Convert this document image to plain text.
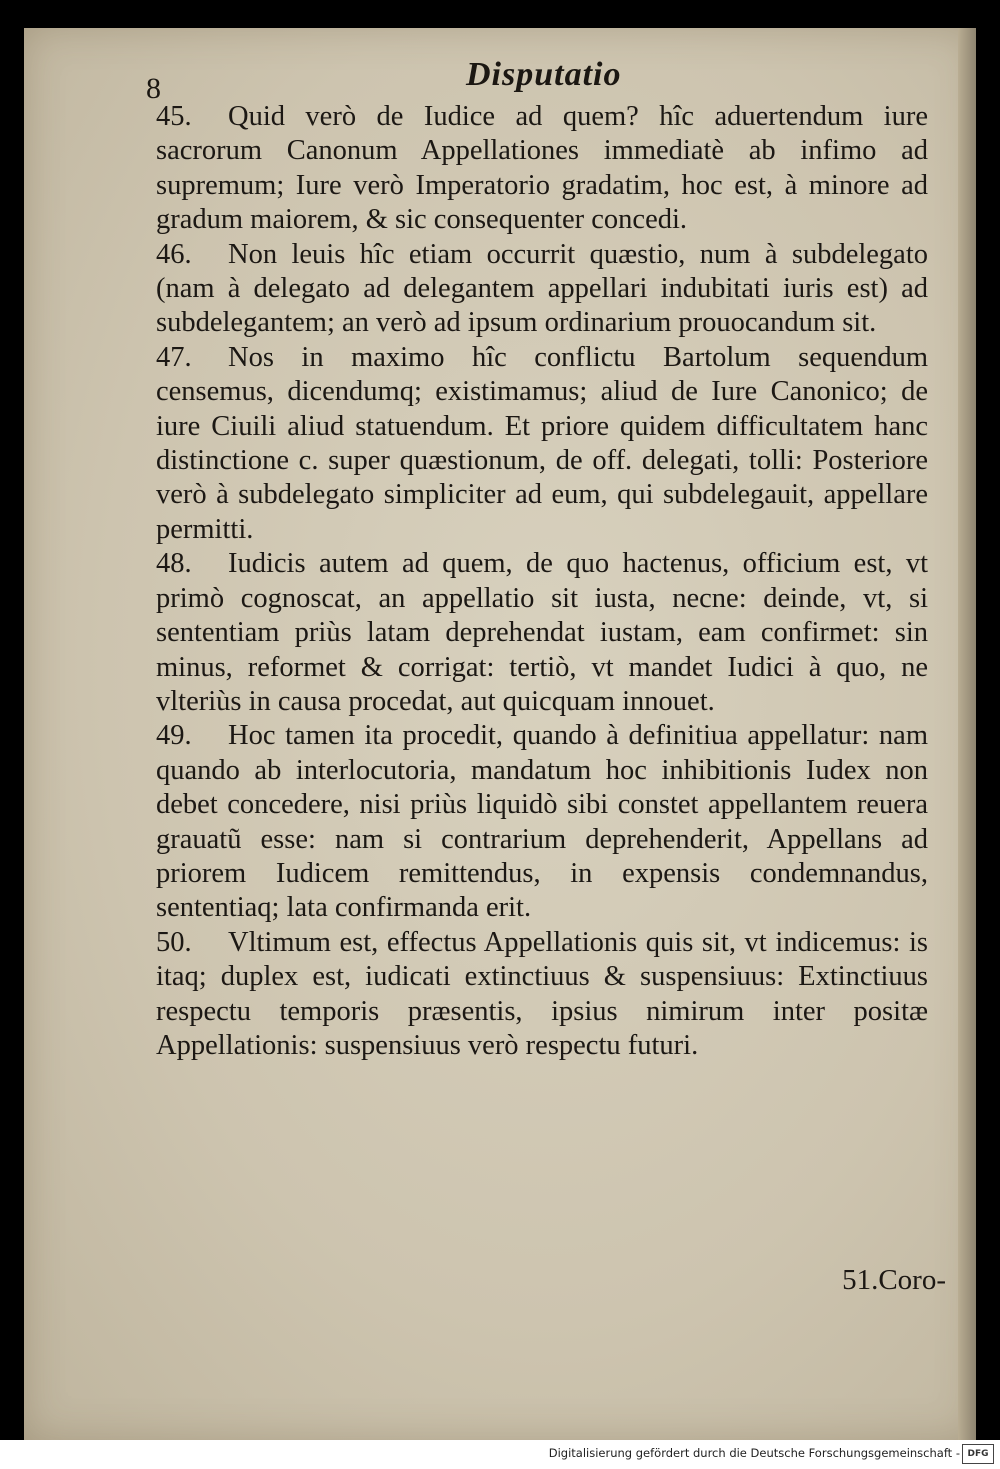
8	Disputatio

45. Quid verò de Iudice ad quem? hîc aduertendum iure sacrorum Canonum Appellationes immediatè ab infimo ad supremum; Iure verò Imperatorio gradatim, hoc est, à minore ad gradum maiorem, & sic consequenter concedi.

46. Non leuis hîc etiam occurrit quæstio, num à subdelegato (nam à delegato ad delegantem appellari indubitati iuris est) ad subdelegantem; an verò ad ipsum ordinarium prouocandum sit.

47. Nos in maximo hîc conflictu Bartolum sequendum censemus, dicendumq; existimamus; aliud de Iure Canonico; de iure Ciuili aliud statuendum. Et priore quidem difficultatem hanc distinctione c. super quæstionum, de off. delegati, tolli: Posteriore verò à subdelegato simpliciter ad eum, qui subdelegauit, appellare permitti.

48. Iudicis autem ad quem, de quo hactenus, officium est, vt primò cognoscat, an appellatio sit iusta, necne: deinde, vt, si sententiam priùs latam deprehendat iustam, eam confirmet: sin minus, reformet & corrigat: tertiò, vt mandet Iudici à quo, ne vlteriùs in causa procedat, aut quicquam innouet.

49. Hoc tamen ita procedit, quando à definitiua appellatur: nam quando ab interlocutoria, mandatum hoc inhibitionis Iudex non debet concedere, nisi priùs liquidò sibi constet appellantem reuera grauatũ esse: nam si contrarium deprehenderit, Appellans ad priorem Iudicem remittendus, in expensis condemnandus, sententiaq; lata confirmanda erit.

50. Vltimum est, effectus Appellationis quis sit, vt indicemus: is itaq; duplex est, iudicati extinctiuus & suspensiuus: Extinctiuus respectu temporis præsentis, ipsius nimirum inter positæ Appellationis: suspensiuus verò respectu futuri.

51.Coro-
Digitalisierung gefördert durch die Deutsche Forschungsgemeinschaft - DFG
